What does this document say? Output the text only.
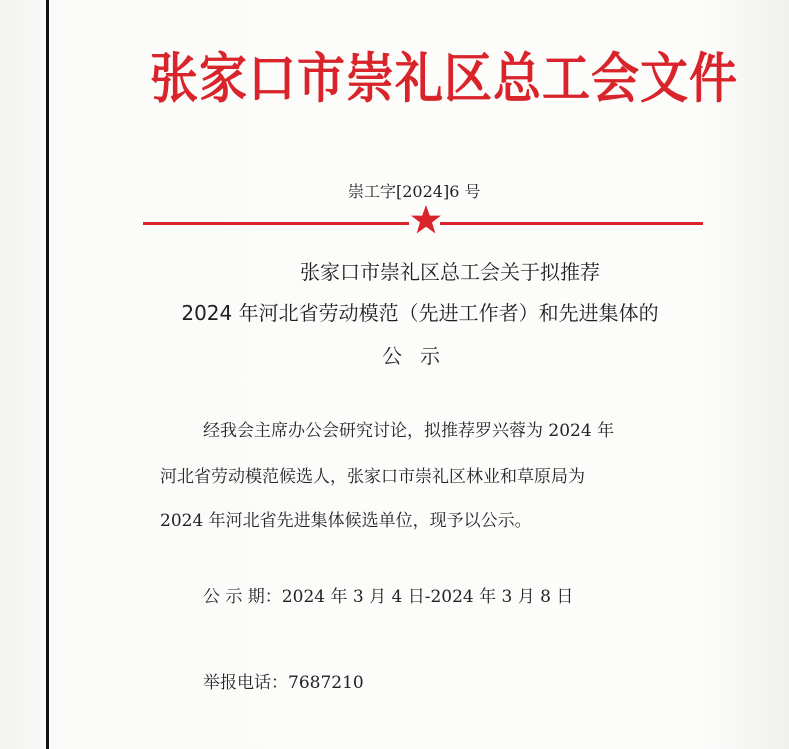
张家口市崇礼区总工会文件
崇工字[2024]6 号
张家口市崇礼区总工会关于拟推荐
2024 年河北省劳动模范（先进工作者）和先进集体的
公示
经我会主席办公会研究讨论，拟推荐罗兴蓉为 2024 年
河北省劳动模范候选人，张家口市崇礼区林业和草原局为
2024 年河北省先进集体候选单位，现予以公示。
公 示 期：2024 年 3 月 4 日-2024 年 3 月 8 日
举报电话：7687210
